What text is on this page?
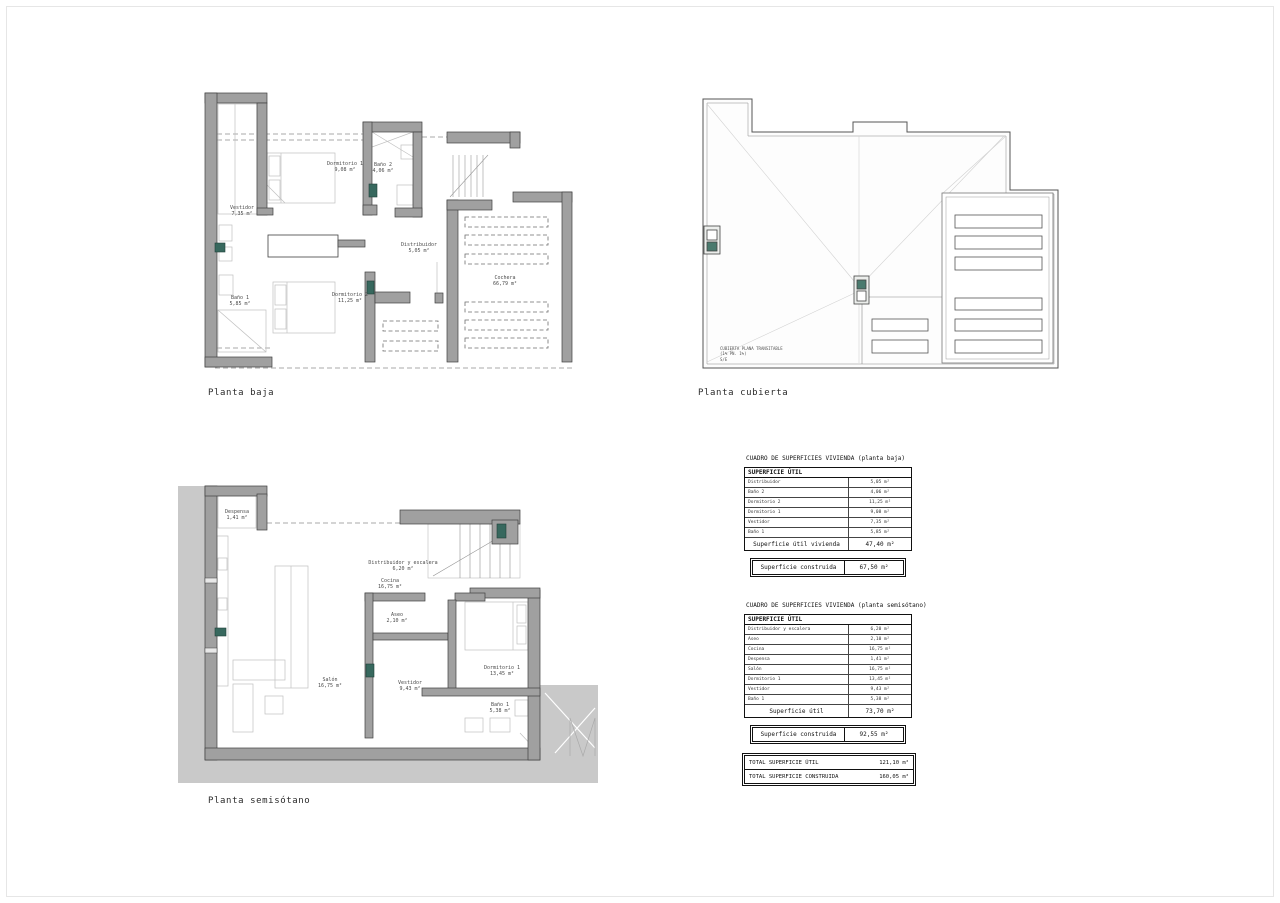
Vestidor
7,35 m²
Dormitorio 1
9,08 m²
Baño 2
4,06 m²
Baño 1
5,85 m²
Dormitorio 2
11,25 m²
Distribuidor
5,05 m²
Cochera
66,79 m²
Planta baja
CUBIERTA PLANA TRANSITABLE
(1% PN. 1%)
S/E
Planta cubierta
Despensa
1,41 m²
Cocina
16,75 m²
Distribuidor y escalera
6,20 m²
Aseo
2,10 m²
Salón
16,75 m²
Vestidor
9,43 m²
Dormitorio 1
13,45 m²
Baño 1
5,38 m²
Planta semisótano
CUADRO DE SUPERFICIES VIVIENDA (planta baja)
SUPERFICIE ÚTIL
Distribuidor	5,05 m²
Baño 2	4,06 m²
Dormitorio 2	11,25 m²
Dormitorio 1	9,08 m²
Vestidor	7,35 m²
Baño 1	5,85 m²
Superficie útil vivienda	47,40 m²
Superficie construida	67,50 m²
CUADRO DE SUPERFICIES VIVIENDA (planta semisótano)
SUPERFICIE ÚTIL
Distribuidor y escalera	6,20 m²
Aseo	2,10 m²
Cocina	16,75 m²
Despensa	1,41 m²
Salón	16,75 m²
Dormitorio 1	13,45 m²
Vestidor	9,43 m²
Baño 1	5,38 m²
Superficie útil	73,70 m²
Superficie construida	92,55 m²
TOTAL SUPERFICIE ÚTIL	121,10 m²
TOTAL SUPERFICIE CONSTRUIDA	160,05 m²
